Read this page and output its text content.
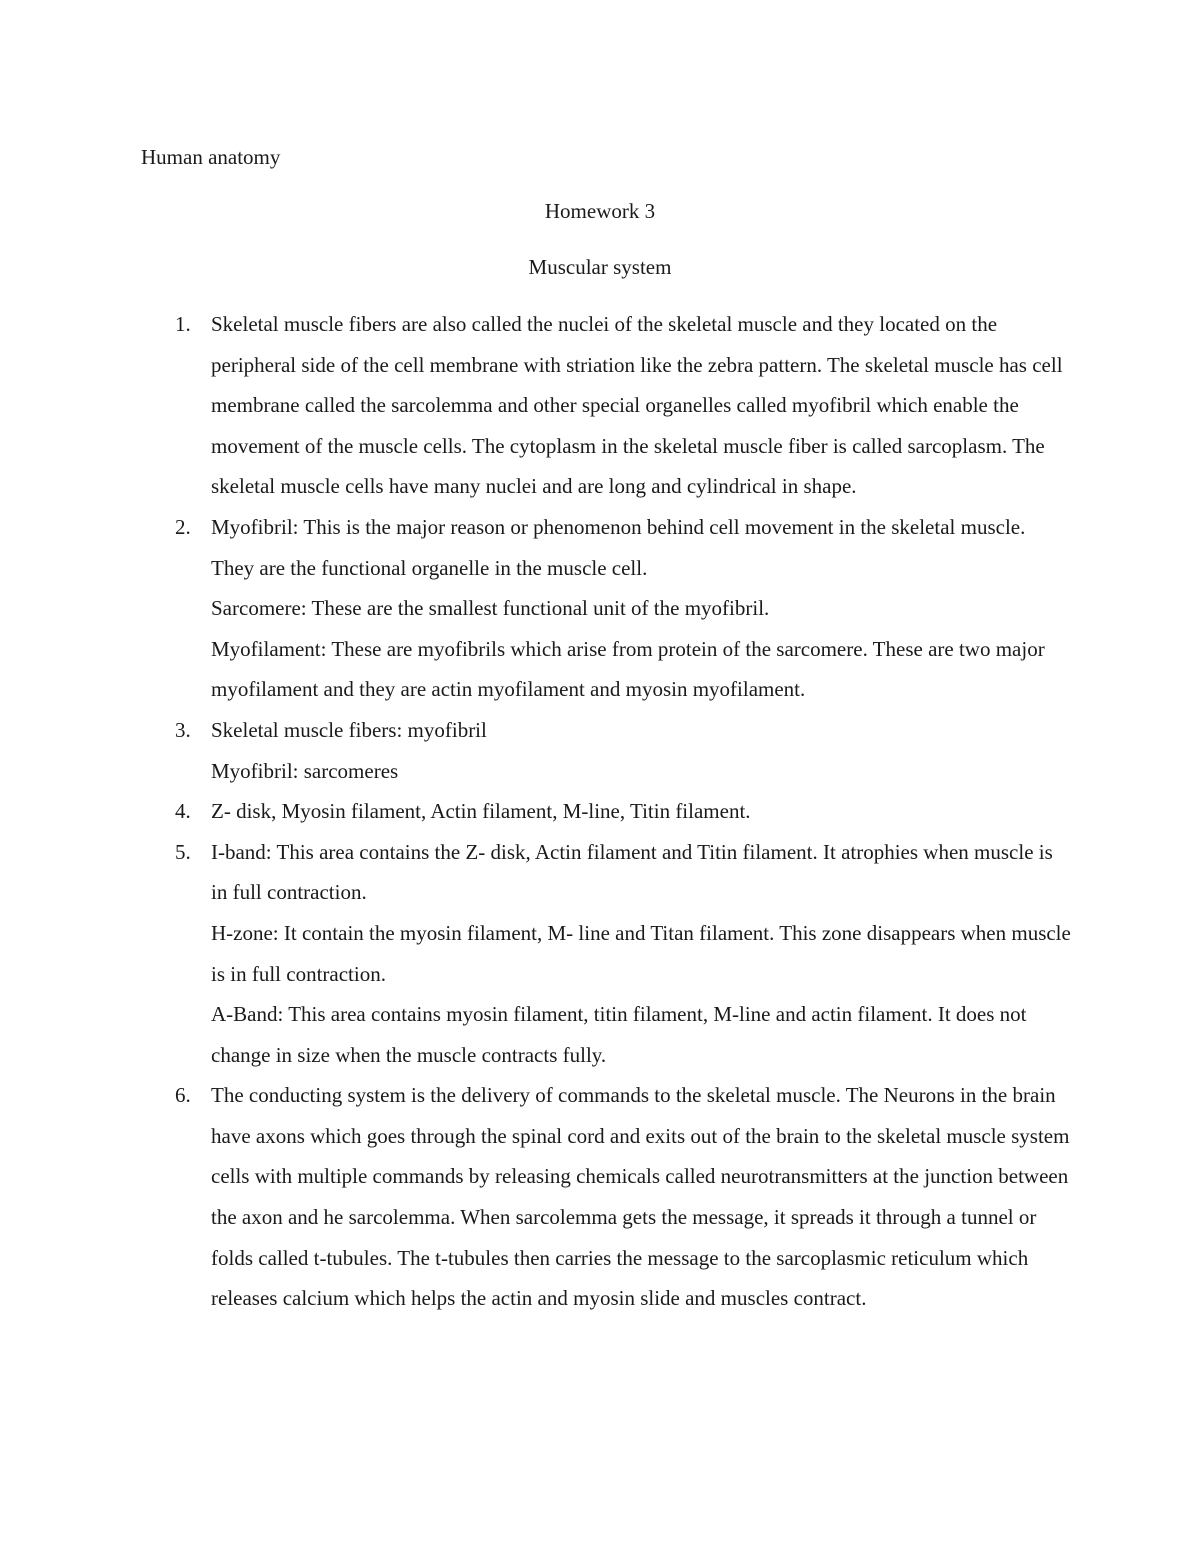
Human anatomy
Homework 3
Muscular system
1. Skeletal muscle fibers are also called the nuclei of the skeletal muscle and they located on the peripheral side of the cell membrane with striation like the zebra pattern. The skeletal muscle has cell membrane called the sarcolemma and other special organelles called myofibril which enable the movement of the muscle cells. The cytoplasm in the skeletal muscle fiber is called sarcoplasm. The skeletal muscle cells have many nuclei and are long and cylindrical in shape.

2. Myofibril: This is the major reason or phenomenon behind cell movement in the skeletal muscle. They are the functional organelle in the muscle cell.

Sarcomere: These are the smallest functional unit of the myofibril.

Myofilament: These are myofibrils which arise from protein of the sarcomere. These are two major myofilament and they are actin myofilament and myosin myofilament.

3. Skeletal muscle fibers: myofibril

Myofibril: sarcomeres

4. Z- disk, Myosin filament, Actin filament, M-line, Titin filament.

5. I-band: This area contains the Z- disk, Actin filament and Titin filament. It atrophies when muscle is in full contraction.

H-zone: It contain the myosin filament, M- line and Titan filament. This zone disappears when muscle is in full contraction.

A-Band: This area contains myosin filament, titin filament, M-line and actin filament. It does not change in size when the muscle contracts fully.

6. The conducting system is the delivery of commands to the skeletal muscle. The Neurons in the brain have axons which goes through the spinal cord and exits out of the brain to the skeletal muscle system cells with multiple commands by releasing chemicals called neurotransmitters at the junction between the axon and he sarcolemma. When sarcolemma gets the message, it spreads it through a tunnel or folds called t-tubules. The t-tubules then carries the message to the sarcoplasmic reticulum which releases calcium which helps the actin and myosin slide and muscles contract.
